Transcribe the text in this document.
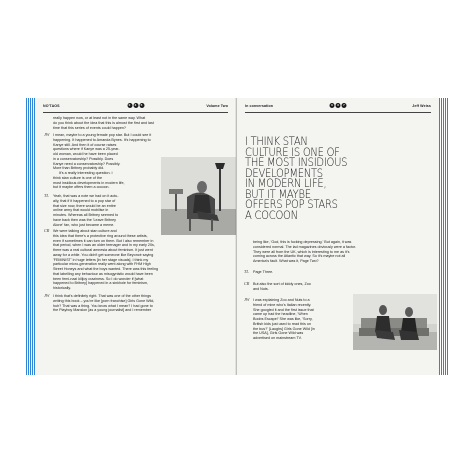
NO'TAOS	0	3	5	Volume Two
really happen now, or at least not in the same way. What
do you think about the idea that this is almost the first and last
time that this series of events could happen?
JW I mean, maybe to a young female pop star. But I could see it
happening. It happened to Amanda Bynes. It's happening to
Kanye still. And then it of course raises
questions where if Kanye was a 25-year-
old woman, would he have been placed
in a conservatorship? Possibly. Does
Kanye need a conservatorship? Possibly.
More than Britney probably did.
It's a really interesting question. I
think stan culture is one of the
most insidious developments in modern life,
but it maybe offers them a cocoon.
TL Yeah, that was a note we had on it actu-
ally, that if it happened to a pop star of
that size now, there would be an entire
online army that would mobilise in
minutes. Whereas all Britney seemed to
have back then was the 'Leave Britney
Alone' fan, who just became a meme.
CR We were talking about stan culture and
this idea that there's a protective ring around these artists,
even if sometimes it can turn on them. But I also remember in
that period, when I was an older teenager and in my early 20s,
there was a real cultural amnesia about feminism. It just went
away for a while. You didn't get someone like Beyoncé saying
'FEMINIST' in huge letters [in her stage visuals]. I think my
particular micro-generation really went along with FHM High
Street Honeys and what the boys wanted. There was this feeling
that labelling any behaviour as misogynistic would have been
been femi-nazi killjoy craziness. So I do wonder if [what
happened to Britney] happened in a sinkhole for feminism,
historically.
JW I think that's definitely right. That was one of the other things
writing this book – you're like [porn franchise] Girls Gone Wild,
huh? That was a thing. You know what I mean? I had gone to
the Playboy Mansion [as a young journalist] and I remember
In conversation	0	3	7	Jeff Weiss
I THINK STAN
CULTURE IS ONE OF
THE MOST INSIDIOUS
DEVELOPMENTS
IN MODERN LIFE,
BUT IT MAYBE
OFFERS POP STARS
A COCOON
being like, 'God, this is fucking depressing.' But again, it was
considered normal. The lad magazines obviously were a factor.
They were all from the UK, which is interesting to me as it's
coming across the Atlantic that way. So it's maybe not all
America's fault. What was it, Page Two?
TL Page Three.
CR But also the sort of kiddy ones, Zoo
and Nuts.
JW I was explaining Zoo and Nuts to a
friend of mine who's Italian recently.
She googled it and the first issue that
came up had the headline, 'When
Boobs Escape!' She was like, 'Sorry,
British kids just used to read this on
the bus?' [Laughs] Girls Gone Wild [in
the USA], Girls Gone Wild was
advertised on mainstream TV.
